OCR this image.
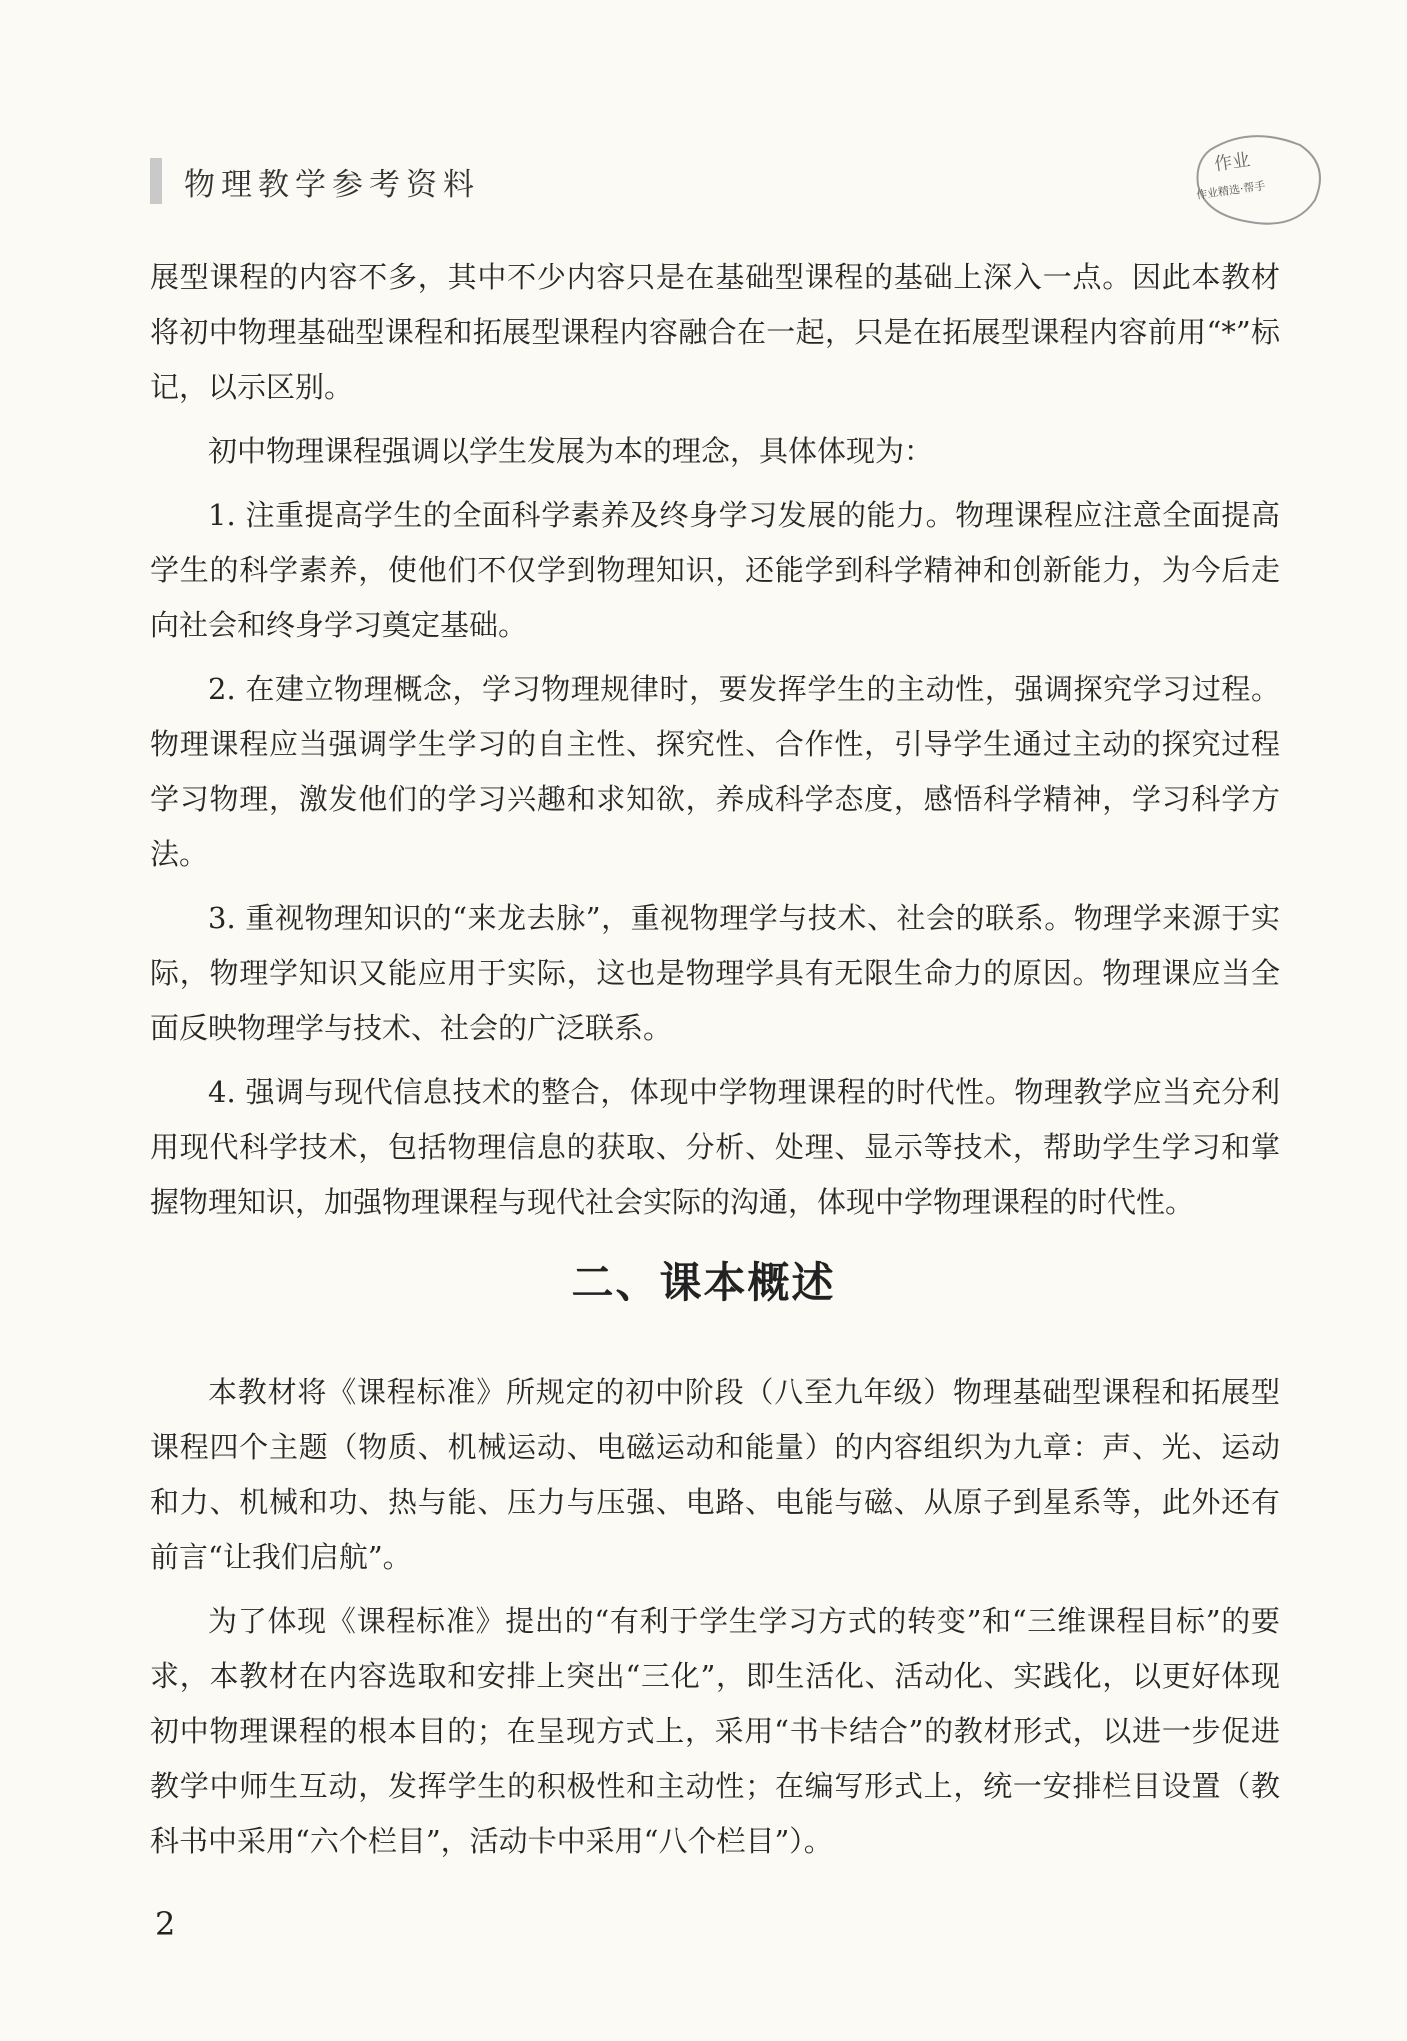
物理教学参考资料
作业
作业精选·帮手

展型课程的内容不多，其中不少内容只是在基础型课程的基础上深入一点。因此本教材将初中物理基础型课程和拓展型课程内容融合在一起，只是在拓展型课程内容前用“*”标记，以示区别。

初中物理课程强调以学生发展为本的理念，具体体现为：

1. 注重提高学生的全面科学素养及终身学习发展的能力。物理课程应注意全面提高学生的科学素养，使他们不仅学到物理知识，还能学到科学精神和创新能力，为今后走向社会和终身学习奠定基础。

2. 在建立物理概念，学习物理规律时，要发挥学生的主动性，强调探究学习过程。物理课程应当强调学生学习的自主性、探究性、合作性，引导学生通过主动的探究过程学习物理，激发他们的学习兴趣和求知欲，养成科学态度，感悟科学精神，学习科学方法。

3. 重视物理知识的“来龙去脉”，重视物理学与技术、社会的联系。物理学来源于实际，物理学知识又能应用于实际，这也是物理学具有无限生命力的原因。物理课应当全面反映物理学与技术、社会的广泛联系。

4. 强调与现代信息技术的整合，体现中学物理课程的时代性。物理教学应当充分利用现代科学技术，包括物理信息的获取、分析、处理、显示等技术，帮助学生学习和掌握物理知识，加强物理课程与现代社会实际的沟通，体现中学物理课程的时代性。

二、课本概述

本教材将《课程标准》所规定的初中阶段（八至九年级）物理基础型课程和拓展型课程四个主题（物质、机械运动、电磁运动和能量）的内容组织为九章：声、光、运动和力、机械和功、热与能、压力与压强、电路、电能与磁、从原子到星系等，此外还有前言“让我们启航”。

为了体现《课程标准》提出的“有利于学生学习方式的转变”和“三维课程目标”的要求，本教材在内容选取和安排上突出“三化”，即生活化、活动化、实践化，以更好体现初中物理课程的根本目的；在呈现方式上，采用“书卡结合”的教材形式，以进一步促进教学中师生互动，发挥学生的积极性和主动性；在编写形式上，统一安排栏目设置（教科书中采用“六个栏目”，活动卡中采用“八个栏目”）。

2
